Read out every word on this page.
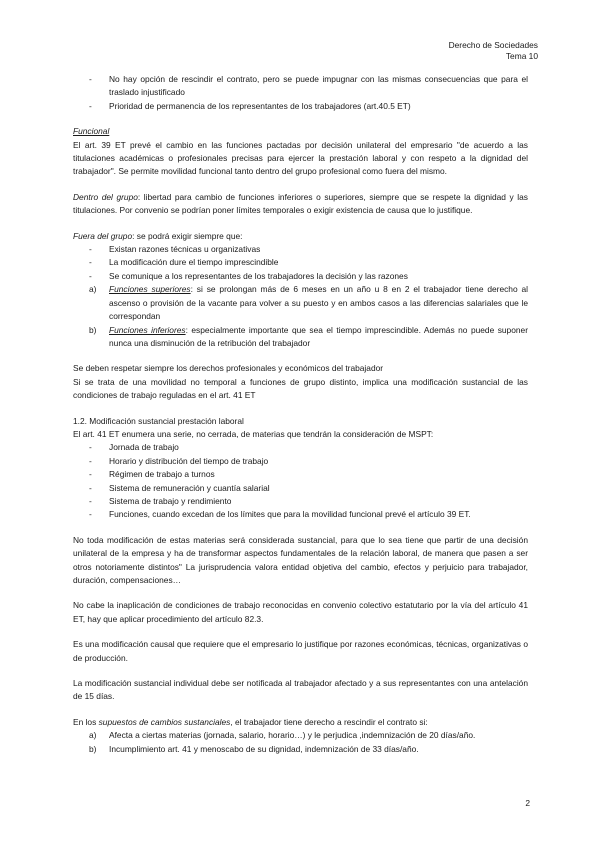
Derecho de Sociedades
Tema 10
- No hay opción de rescindir el contrato, pero se puede impugnar con las mismas consecuencias que para el traslado injustificado
- Prioridad de permanencia de los representantes de los trabajadores (art.40.5 ET)

Funcional

El art. 39 ET prevé el cambio en las funciones pactadas por decisión unilateral del empresario "de acuerdo a las titulaciones académicas o profesionales precisas para ejercer la prestación laboral y con respeto a la dignidad del trabajador". Se permite movilidad funcional tanto dentro del grupo profesional como fuera del mismo.

Dentro del grupo: libertad para cambio de funciones inferiores o superiores, siempre que se respete la dignidad y las titulaciones. Por convenio se podrían poner límites temporales o exigir existencia de causa que lo justifique.

Fuera del grupo: se podrá exigir siempre que:

- Existan razones técnicas u organizativas
- La modificación dure el tiempo imprescindible
- Se comunique a los representantes de los trabajadores la decisión y las razones
a) Funciones superiores: si se prolongan más de 6 meses en un año u 8 en 2 el trabajador tiene derecho al ascenso o provisión de la vacante para volver a su puesto y en ambos casos a las diferencias salariales que le correspondan
b) Funciones inferiores: especialmente importante que sea el tiempo imprescindible. Además no puede suponer nunca una disminución de la retribución del trabajador

Se deben respetar siempre los derechos profesionales y económicos del trabajador

Si se trata de una movilidad no temporal a funciones de grupo distinto, implica una modificación sustancial de las condiciones de trabajo reguladas en el art. 41 ET

1.2. Modificación sustancial prestación laboral

El art. 41 ET enumera una serie, no cerrada, de materias que tendrán la consideración de MSPT:

- Jornada de trabajo
- Horario y distribución del tiempo de trabajo
- Régimen de trabajo a turnos
- Sistema de remuneración y cuantía salarial
- Sistema de trabajo y rendimiento
- Funciones, cuando excedan de los límites que para la movilidad funcional prevé el artículo 39 ET.

No toda modificación de estas materias será considerada sustancial, para que lo sea tiene que partir de una decisión unilateral de la empresa y ha de transformar aspectos fundamentales de la relación laboral, de manera que pasen a ser otros notoriamente distintos" La jurisprudencia valora entidad objetiva del cambio, efectos y perjuicio para trabajador, duración, compensaciones…

No cabe la inaplicación de condiciones de trabajo reconocidas en convenio colectivo estatutario por la vía del artículo 41 ET, hay que aplicar procedimiento del artículo 82.3.

Es una modificación causal que requiere que el empresario lo justifique por razones económicas, técnicas, organizativas o de producción.

La modificación sustancial individual debe ser notificada al trabajador afectado y a sus representantes con una antelación de 15 días.

En los supuestos de cambios sustanciales, el trabajador tiene derecho a rescindir el contrato si:

a) Afecta a ciertas materias (jornada, salario, horario…) y le perjudica ,indemnización de 20 días/año.
b) Incumplimiento art. 41 y menoscabo de su dignidad, indemnización de 33 días/año.
2
